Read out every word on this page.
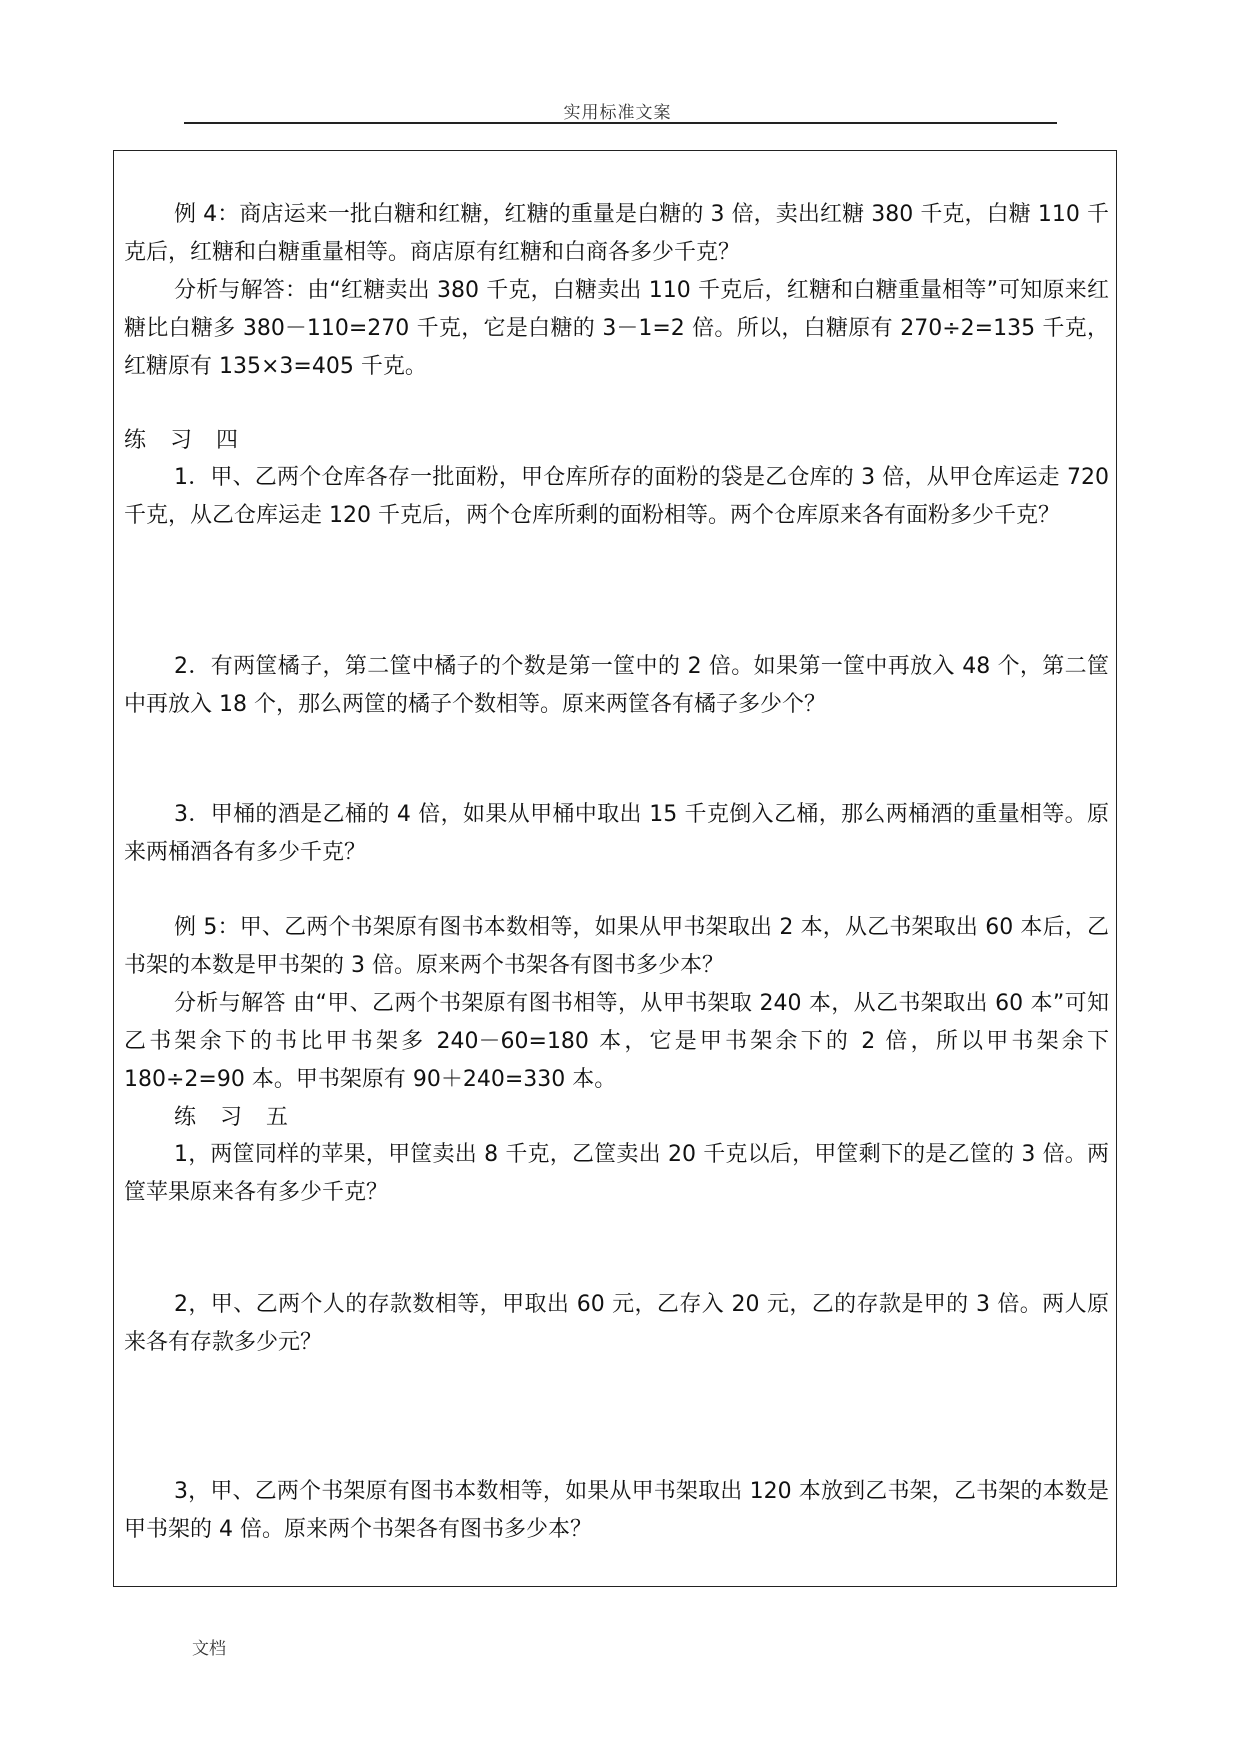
实用标准文案

例 4：商店运来一批白糖和红糖，红糖的重量是白糖的 3 倍，卖出红糖 380 千克，白糖 110 千克后，红糖和白糖重量相等。商店原有红糖和白商各多少千克？

分析与解答：由“红糖卖出 380 千克，白糖卖出 110 千克后，红糖和白糖重量相等”可知原来红糖比白糖多 380－110=270 千克，它是白糖的 3－1=2 倍。所以，白糖原有 270÷2=135 千克，红糖原有 135×3=405 千克。

练 习 四

1．甲、乙两个仓库各存一批面粉，甲仓库所存的面粉的袋是乙仓库的 3 倍，从甲仓库运走 720 千克，从乙仓库运走 120 千克后，两个仓库所剩的面粉相等。两个仓库原来各有面粉多少千克？

2．有两筐橘子，第二筐中橘子的个数是第一筐中的 2 倍。如果第一筐中再放入 48 个，第二筐中再放入 18 个，那么两筐的橘子个数相等。原来两筐各有橘子多少个？

3．甲桶的酒是乙桶的 4 倍，如果从甲桶中取出 15 千克倒入乙桶，那么两桶酒的重量相等。原来两桶酒各有多少千克？

例 5：甲、乙两个书架原有图书本数相等，如果从甲书架取出 2 本，从乙书架取出 60 本后，乙书架的本数是甲书架的 3 倍。原来两个书架各有图书多少本？

分析与解答 由“甲、乙两个书架原有图书相等，从甲书架取 240 本，从乙书架取出 60 本”可知乙书架余下的书比甲书架多 240－60=180 本，它是甲书架余下的 2 倍，所以甲书架余下 180÷2=90 本。甲书架原有 90＋240=330 本。

练 习 五

1，两筐同样的苹果，甲筐卖出 8 千克，乙筐卖出 20 千克以后，甲筐剩下的是乙筐的 3 倍。两筐苹果原来各有多少千克？

2，甲、乙两个人的存款数相等，甲取出 60 元，乙存入 20 元，乙的存款是甲的 3 倍。两人原来各有存款多少元？

3，甲、乙两个书架原有图书本数相等，如果从甲书架取出 120 本放到乙书架，乙书架的本数是甲书架的 4 倍。原来两个书架各有图书多少本？

文档
